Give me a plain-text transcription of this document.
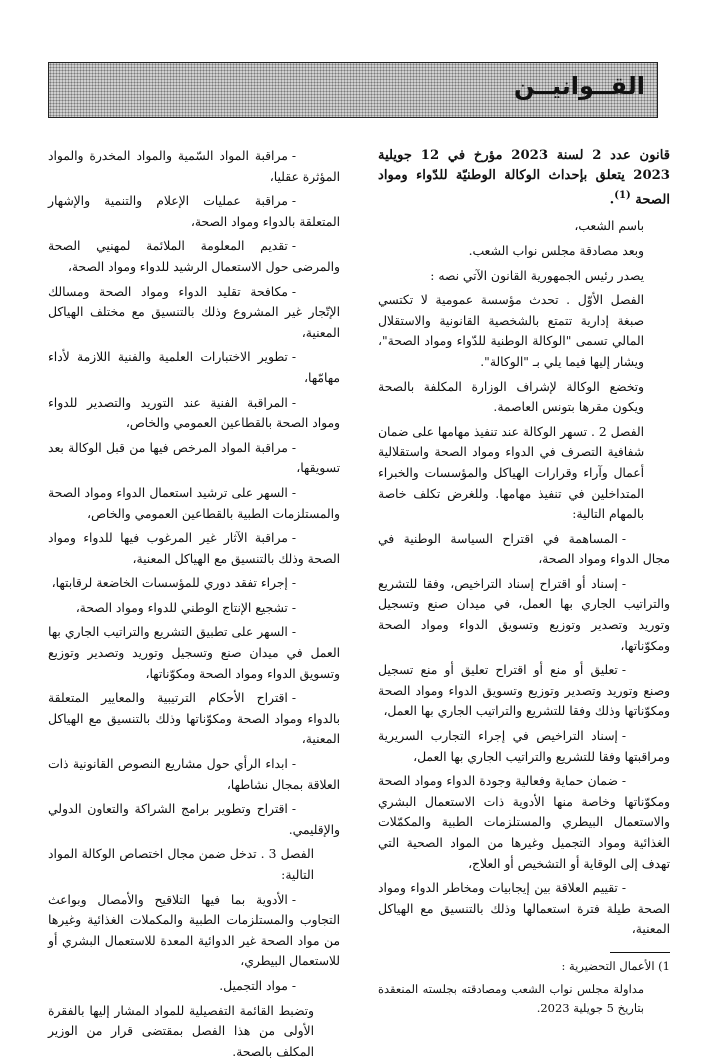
القــوانيــن

قانون عدد 2 لسنة 2023 مؤرخ في 12 جويلية 2023 يتعلق بإحداث الوكالة الوطنيّة للدّواء ومواد الصحة $^{(1)}$.

باسم الشعب،

وبعد مصادقة مجلس نواب الشعب.

يصدر رئيس الجمهورية القانون الآتي نصه :

الفصل الأوّل . تحدث مؤسسة عمومية لا تكتسي صبغة إدارية تتمتع بالشخصية القانونية والاستقلال المالي تسمى "الوكالة الوطنية للدّواء ومواد الصحة"، ويشار إليها فيما يلي بـ "الوكالة".

وتخضع الوكالة لإشراف الوزارة المكلفة بالصحة ويكون مقرها بتونس العاصمة.

الفصل 2 . تسهر الوكالة عند تنفيذ مهامها على ضمان شفافية التصرف في الدواء ومواد الصحة واستقلالية أعمال وآراء وقرارات الهياكل والمؤسسات والخبراء المتداخلين في تنفيذ مهامها. وللغرض تكلف خاصة بالمهام التالية:

-المساهمة في اقتراح السياسة الوطنية في مجال الدواء ومواد الصحة،

-إسناد أو اقتراح إسناد التراخيص، وفقا للتشريع والتراتيب الجاري بها العمل، في ميدان صنع وتسجيل وتوريد وتصدير وتوزيع وتسويق الدواء ومواد الصحة ومكوّناتها،

-تعليق أو منع أو اقتراح تعليق أو منع تسجيل وصنع وتوريد وتصدير وتوزيع وتسويق الدواء ومواد الصحة ومكوّناتها وذلك وفقا للتشريع والتراتيب الجاري بها العمل،

-إسناد التراخيص في إجراء التجارب السريرية ومراقبتها وفقا للتشريع والتراتيب الجاري بها العمل،

-ضمان حماية وفعالية وجودة الدواء ومواد الصحة ومكوّناتها وخاصة منها الأدوية ذات الاستعمال البشري والاستعمال البيطري والمستلزمات الطبية والمكمّلات الغذائية ومواد التجميل وغيرها من المواد الصحية التي تهدف إلى الوقاية أو التشخيص أو العلاج،

-تقييم العلاقة بين إيجابيات ومخاطر الدواء ومواد الصحة طيلة فترة استعمالها وذلك بالتنسيق مع الهياكل المعنية،

1) الأعمال التحضيرية :

مداولة مجلس نواب الشعب ومصادقته بجلسته المنعقدة بتاريخ 5 جويلية 2023.

-مراقبة المواد السّمية والمواد المخدرة والمواد المؤثرة عقليا،

-مراقبة عمليات الإعلام والتنمية والإشهار المتعلقة بالدواء ومواد الصحة،

-تقديم المعلومة الملائمة لمهنيي الصحة والمرضى حول الاستعمال الرشيد للدواء ومواد الصحة،

-مكافحة تقليد الدواء ومواد الصحة ومسالك الإتّجار غير المشروع وذلك بالتنسيق مع مختلف الهياكل المعنية،

-تطوير الاختبارات العلمية والفنية اللازمة لأداء مهامّها،

-المراقبة الفنية عند التوريد والتصدير للدواء ومواد الصحة بالقطاعين العمومي والخاص،

-مراقبة المواد المرخص فيها من قبل الوكالة بعد تسويقها،

-السهر على ترشيد استعمال الدواء ومواد الصحة والمستلزمات الطبية بالقطاعين العمومي والخاص،

-مراقبة الآثار غير المرغوب فيها للدواء ومواد الصحة وذلك بالتنسيق مع الهياكل المعنية،

-إجراء تفقد دوري للمؤسسات الخاضعة لرقابتها،

-تشجيع الإنتاج الوطني للدواء ومواد الصحة،

-السهر على تطبيق التشريع والتراتيب الجاري بها العمل في ميدان صنع وتسجيل وتوريد وتصدير وتوزيع وتسويق الدواء ومواد الصحة ومكوّناتها،

-اقتراح الأحكام الترتيبية والمعايير المتعلقة بالدواء ومواد الصحة ومكوّناتها وذلك بالتنسيق مع الهياكل المعنية،

-ابداء الرأي حول مشاريع النصوص القانونية ذات العلاقة بمجال نشاطها،

-اقتراح وتطوير برامج الشراكة والتعاون الدولي والإقليمي.

الفصل 3 . تدخل ضمن مجال اختصاص الوكالة المواد التالية:

-الأدوية بما فيها التلاقيح والأمصال وبواعث التجاوب والمستلزمات الطبية والمكملات الغذائية وغيرها من مواد الصحة غير الدوائية المعدة للاستعمال البشري أو للاستعمال البيطري،

-مواد التجميل.

وتضبط القائمة التفصيلية للمواد المشار إليها بالفقرة الأولى من هذا الفصل بمقتضى قرار من الوزير المكلف بالصحة.
